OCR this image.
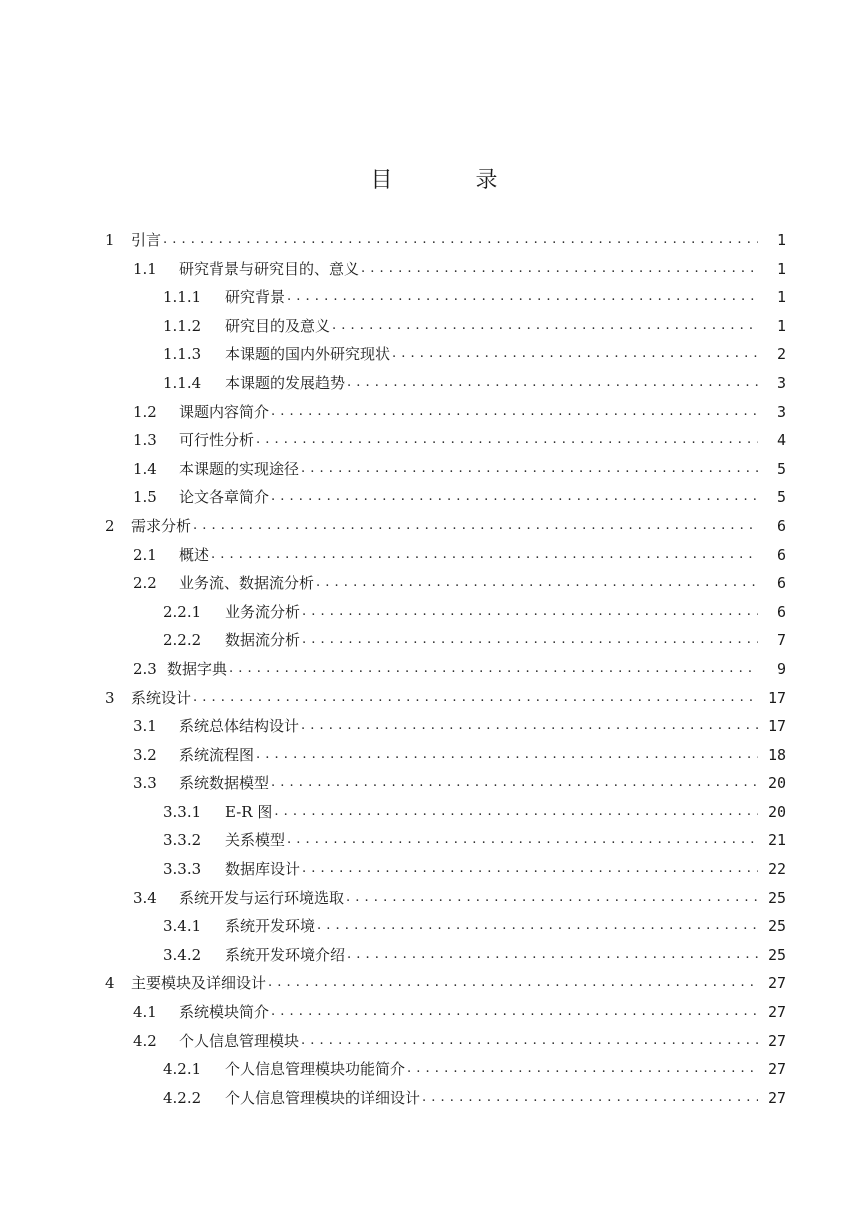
目 录
1	引言 . . .	1
1.1	研究背景与研究目的、意义 . . .	1
1.1.1	研究背景 . . .	1
1.1.2	研究目的及意义 . . .	1
1.1.3	本课题的国内外研究现状 . . .	2
1.1.4	本课题的发展趋势 . . .	3
1.2	课题内容简介 . . .	3
1.3	可行性分析 . . .	4
1.4	本课题的实现途径 . . .	5
1.5	论文各章简介 . . .	5
2	需求分析 . . .	6
2.1	概述 . . .	6
2.2	业务流、数据流分析 . . .	6
2.2.1	业务流分析 . . .	6
2.2.2	数据流分析 . . .	7
2.3 数据字典 . . .	9
3	系统设计 . . .	17
3.1	系统总体结构设计 . . .	17
3.2	系统流程图 . . .	18
3.3	系统数据模型 . . .	20
3.3.1	E-R 图 . . .	20
3.3.2	关系模型 . . .	21
3.3.3	数据库设计 . . .	22
3.4	系统开发与运行环境选取 . . .	25
3.4.1	系统开发环境 . . .	25
3.4.2	系统开发环境介绍 . . .	25
4	主要模块及详细设计 . . .	27
4.1	系统模块简介 . . .	27
4.2	个人信息管理模块 . . .	27
4.2.1	个人信息管理模块功能简介 . . .	27
4.2.2	个人信息管理模块的详细设计 . . .	27
